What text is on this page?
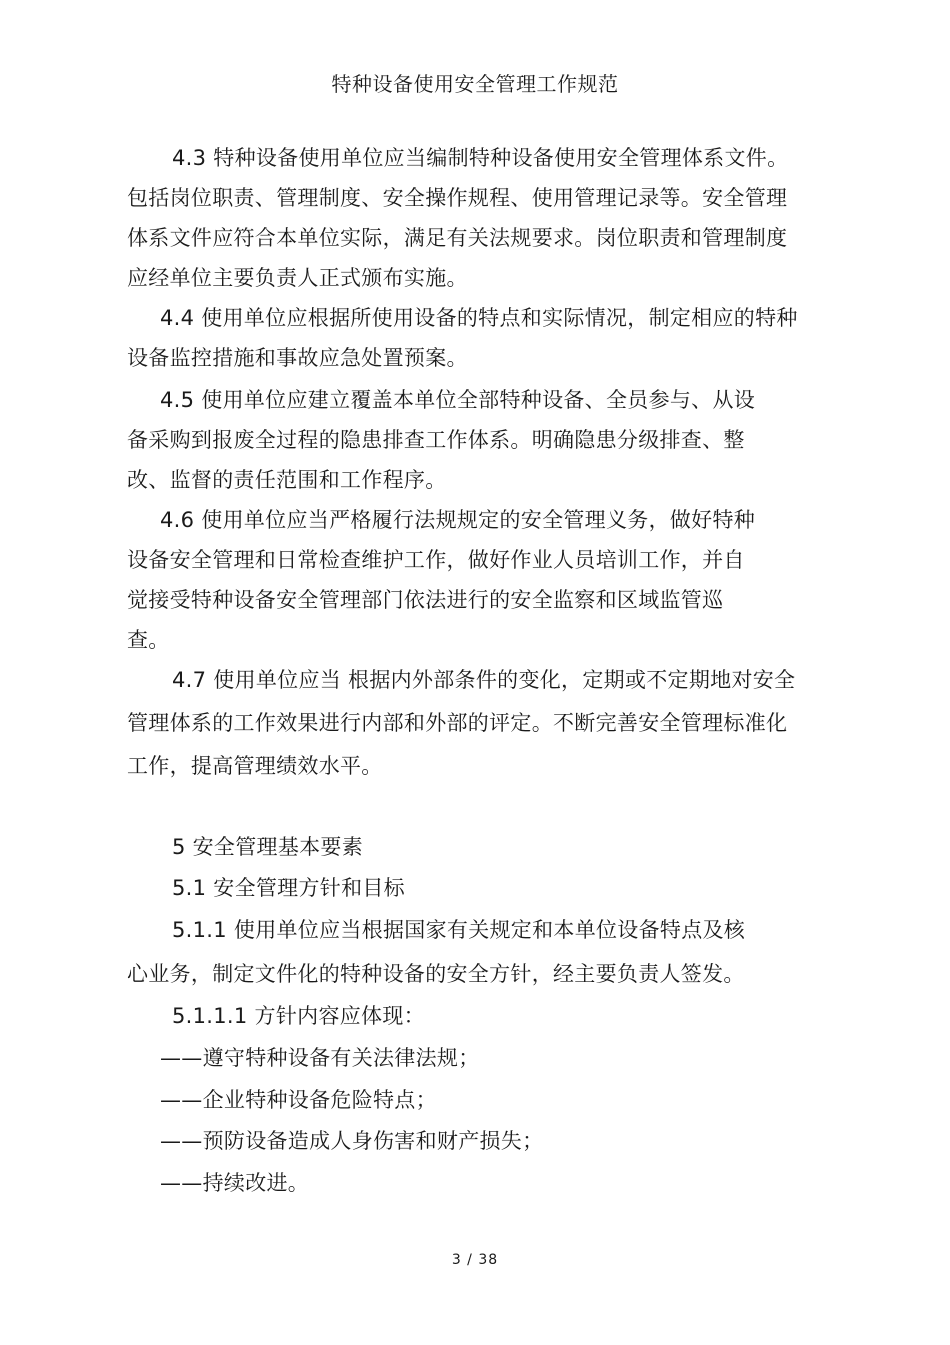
特种设备使用安全管理工作规范
4.3 特种设备使用单位应当编制特种设备使用安全管理体系文件。
包括岗位职责、管理制度、安全操作规程、使用管理记录等。安全管理
体系文件应符合本单位实际，满足有关法规要求。岗位职责和管理制度
应经单位主要负责人正式颁布实施。
4.4 使用单位应根据所使用设备的特点和实际情况，制定相应的特种
设备监控措施和事故应急处置预案。
4.5 使用单位应建立覆盖本单位全部特种设备、全员参与、从设
备采购到报废全过程的隐患排查工作体系。明确隐患分级排查、整
改、监督的责任范围和工作程序。
4.6 使用单位应当严格履行法规规定的安全管理义务，做好特种
设备安全管理和日常检查维护工作，做好作业人员培训工作，并自
觉接受特种设备安全管理部门依法进行的安全监察和区域监管巡
查。
4.7 使用单位应当 根据内外部条件的变化，定期或不定期地对安全
管理体系的工作效果进行内部和外部的评定。不断完善安全管理标准化
工作，提高管理绩效水平。
5 安全管理基本要素
5.1 安全管理方针和目标
5.1.1 使用单位应当根据国家有关规定和本单位设备特点及核
心业务，制定文件化的特种设备的安全方针，经主要负责人签发。
5.1.1.1 方针内容应体现：
——遵守特种设备有关法律法规；
——企业特种设备危险特点；
——预防设备造成人身伤害和财产损失；
——持续改进。
3 / 38
